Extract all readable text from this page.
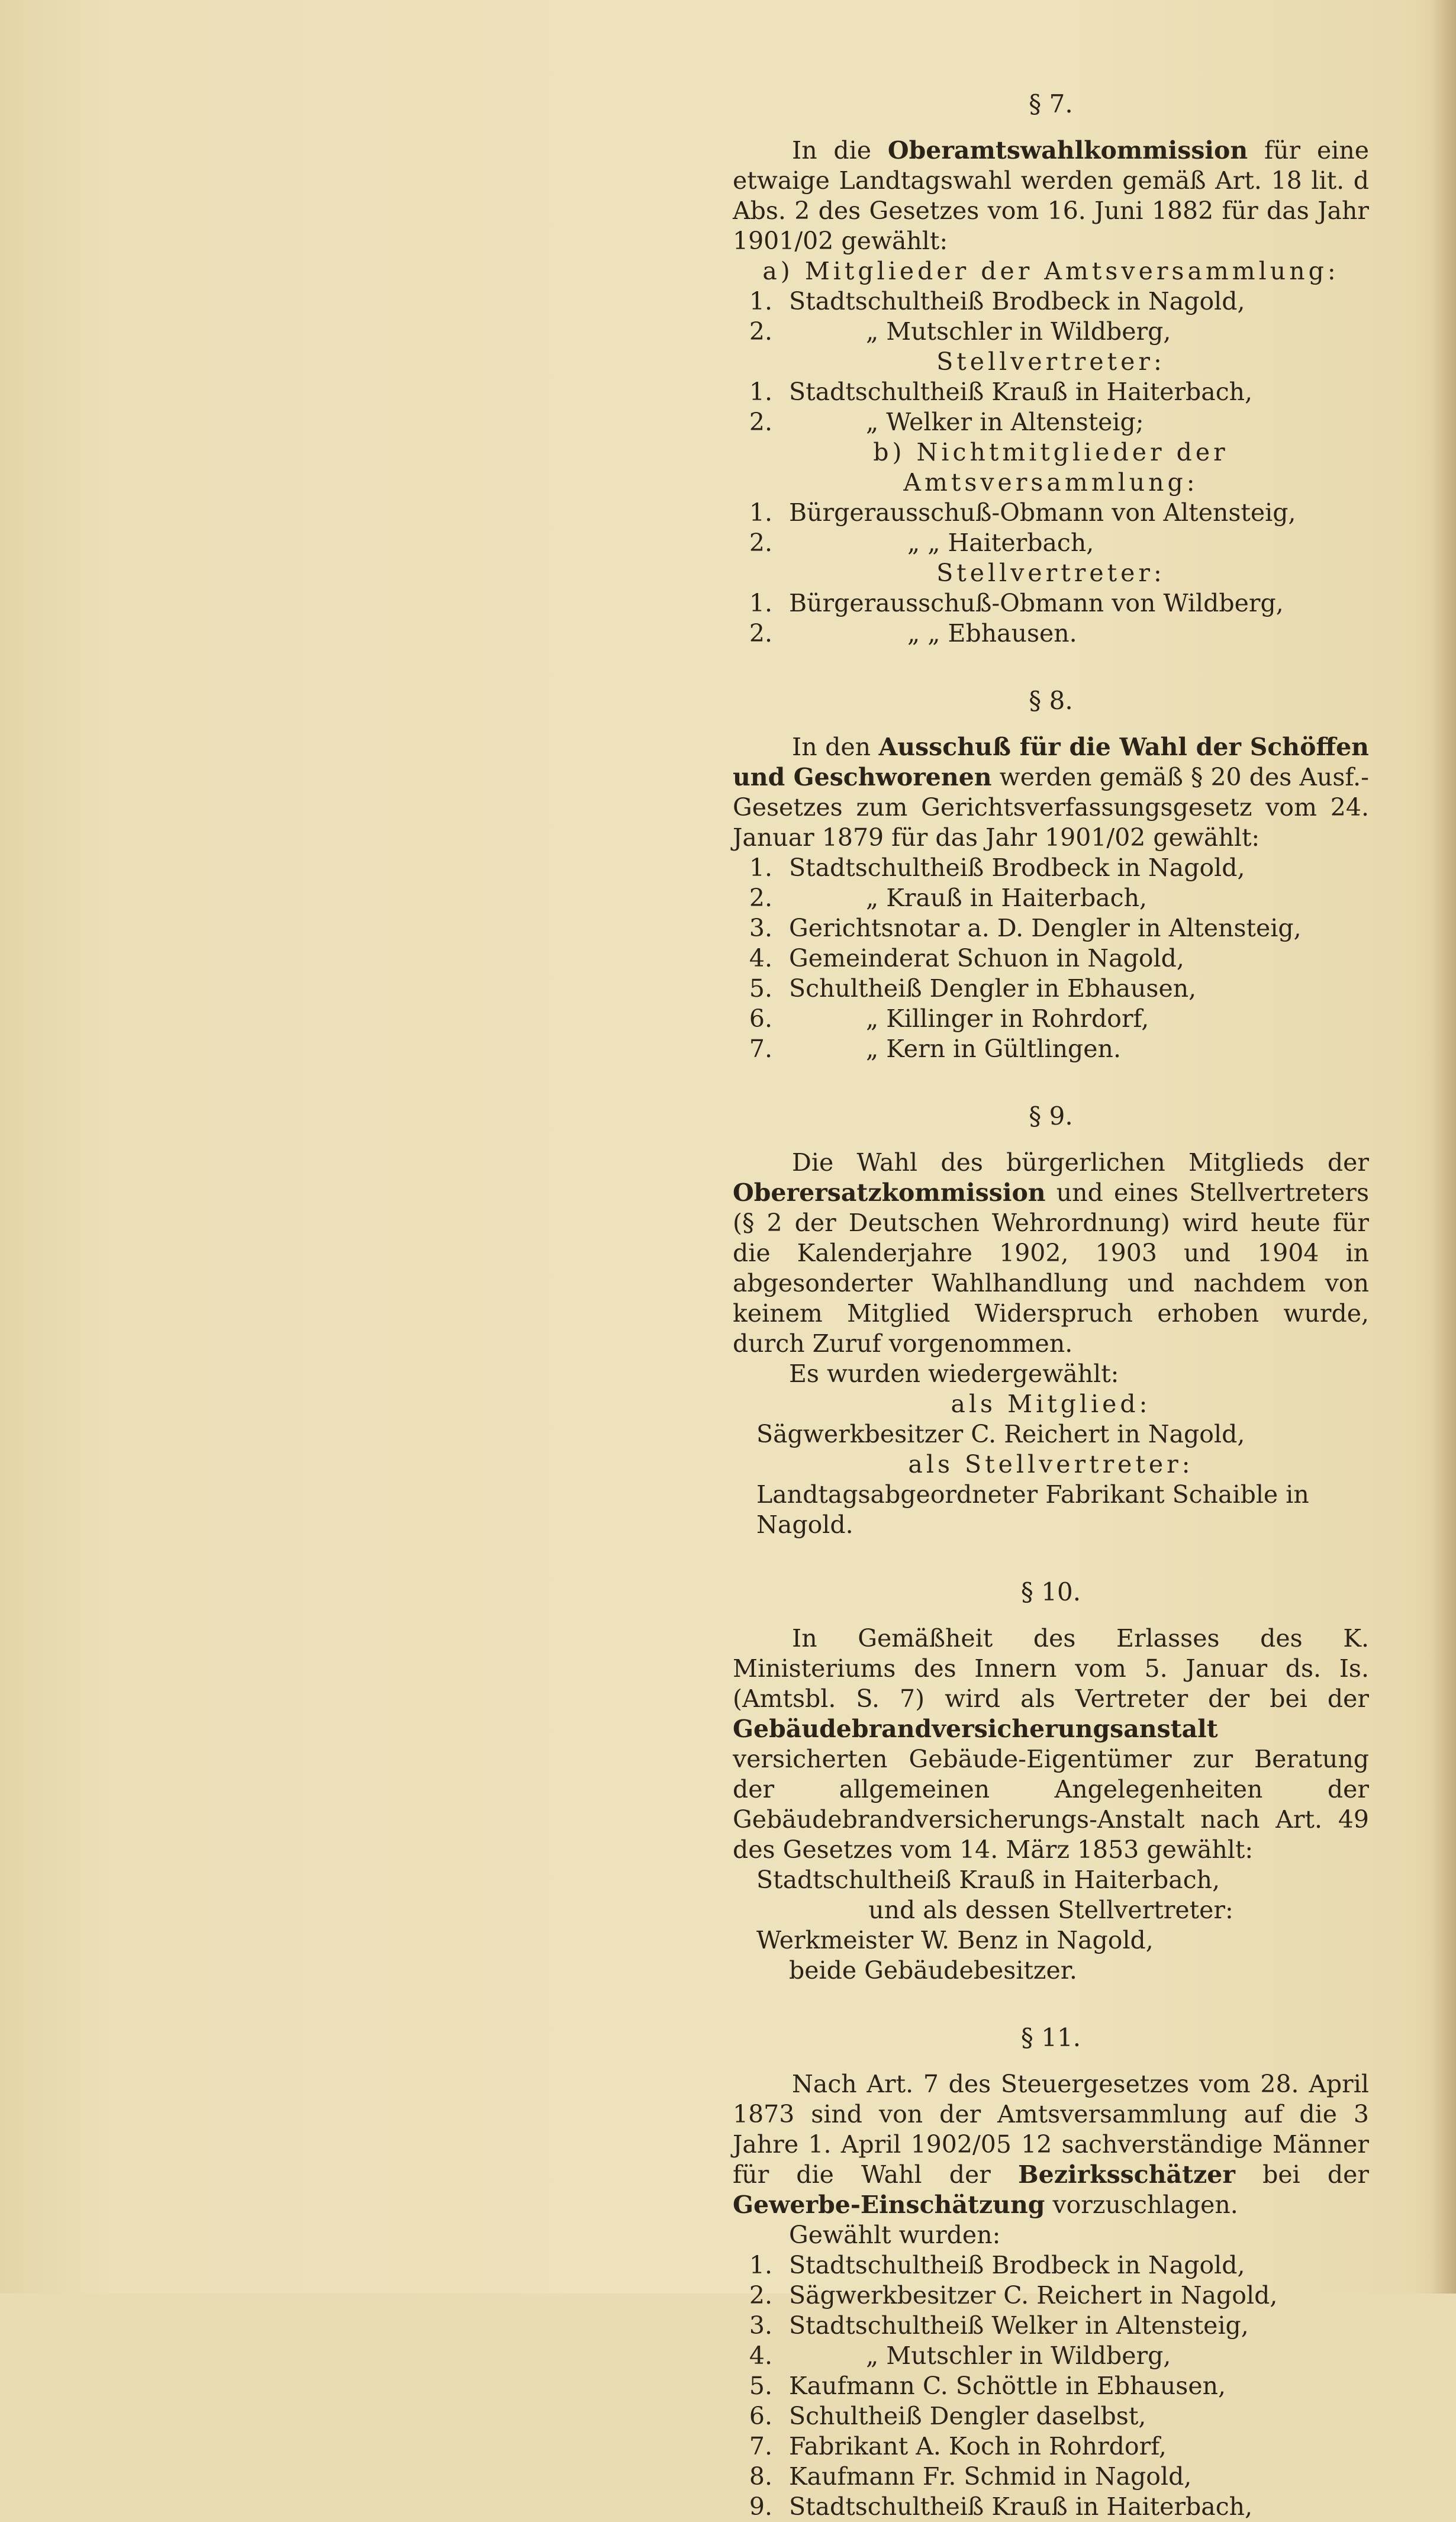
§ 7.

In die Oberamtswahlkommission für eine etwaige Landtagswahl werden gemäß Art. 18 lit. d Abs. 2 des Gesetzes vom 16. Juni 1882 für das Jahr 1901/02 gewählt:

a) Mitglieder der Amtsversammlung:

1. Stadtschultheiß Brodbeck in Nagold,
2.	„ Mutschler in Wildberg,

Stellvertreter:

1. Stadtschultheiß Krauß in Haiterbach,
2.	„ Welker in Altensteig;

b) Nichtmitglieder der Amtsversammlung:

1. Bürgerausschuß-Obmann von Altensteig,
2.	„ „ Haiterbach,

Stellvertreter:

1. Bürgerausschuß-Obmann von Wildberg,
2.	„ „ Ebhausen.

§ 8.

In den Ausschuß für die Wahl der Schöffen und Geschworenen werden gemäß § 20 des Ausf.-Gesetzes zum Gerichtsverfassungsgesetz vom 24. Januar 1879 für das Jahr 1901/02 gewählt:

1. Stadtschultheiß Brodbeck in Nagold,
2.	„ Krauß in Haiterbach,
3. Gerichtsnotar a. D. Dengler in Altensteig,
4. Gemeinderat Schuon in Nagold,
5. Schultheiß Dengler in Ebhausen,
6.	„ Killinger in Rohrdorf,
7.	„ Kern in Gültlingen.

§ 9.

Die Wahl des bürgerlichen Mitglieds der Oberersatzkommission und eines Stellvertreters (§ 2 der Deutschen Wehrordnung) wird heute für die Kalenderjahre 1902, 1903 und 1904 in abgesonderter Wahlhandlung und nachdem von keinem Mitglied Widerspruch erhoben wurde, durch Zuruf vorgenommen.

Es wurden wiedergewählt:

als Mitglied:

Sägwerkbesitzer C. Reichert in Nagold,

als Stellvertreter:

Landtagsabgeordneter Fabrikant Schaible in Nagold.

§ 10.

In Gemäßheit des Erlasses des K. Ministeriums des Innern vom 5. Januar ds. Is. (Amtsbl. S. 7) wird als Vertreter der bei der Gebäudebrandversicherungsanstalt versicherten Gebäude-Eigentümer zur Beratung der allgemeinen Angelegenheiten der Gebäudebrandversicherungs-Anstalt nach Art. 49 des Gesetzes vom 14. März 1853 gewählt:

Stadtschultheiß Krauß in Haiterbach,

und als dessen Stellvertreter:

Werkmeister W. Benz in Nagold,

beide Gebäudebesitzer.

§ 11.

Nach Art. 7 des Steuergesetzes vom 28. April 1873 sind von der Amtsversammlung auf die 3 Jahre 1. April 1902/05 12 sachverständige Männer für die Wahl der Bezirksschätzer bei der Gewerbe-Einschätzung vorzuschlagen.

Gewählt wurden:

1. Stadtschultheiß Brodbeck in Nagold,
2. Sägwerkbesitzer C. Reichert in Nagold,
3. Stadtschultheiß Welker in Altensteig,
4.	„ Mutschler in Wildberg,
5. Kaufmann C. Schöttle in Ebhausen,
6. Schultheiß Dengler daselbst,
7. Fabrikant A. Koch in Rohrdorf,
8. Kaufmann Fr. Schmid in Nagold,
9. Stadtschultheiß Krauß in Haiterbach,
